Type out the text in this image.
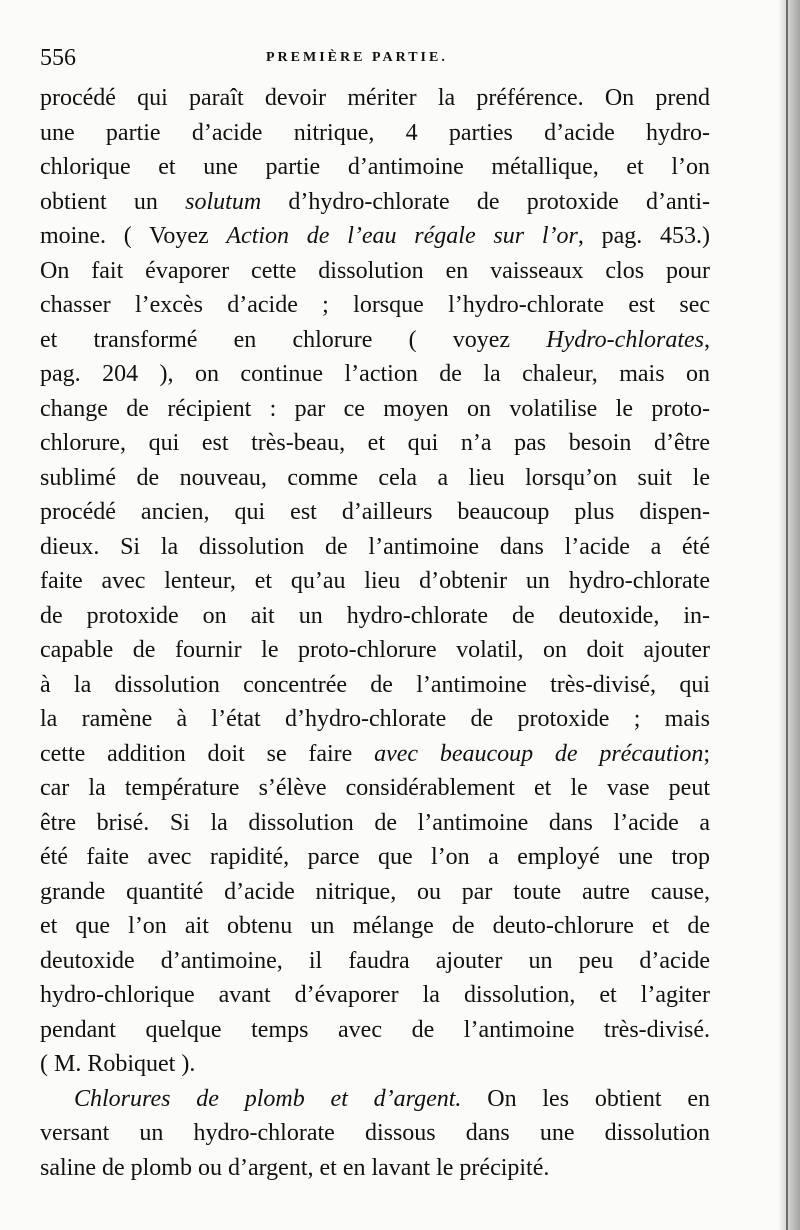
556	PREMIÈRE PARTIE.
procédé qui paraît devoir mériter la préférence. On prend
une partie d’acide nitrique, 4 parties d’acide hydro-
chlorique et une partie d’antimoine métallique, et l’on
obtient un solutum d’hydro-chlorate de protoxide d’anti-
moine. ( Voyez Action de l’eau régale sur l’or, pag. 453.)
On fait évaporer cette dissolution en vaisseaux clos pour
chasser l’excès d’acide ; lorsque l’hydro-chlorate est sec
et transformé en chlorure ( voyez Hydro-chlorates,
pag. 204 ), on continue l’action de la chaleur, mais on
change de récipient : par ce moyen on volatilise le proto-
chlorure, qui est très-beau, et qui n’a pas besoin d’être
sublimé de nouveau, comme cela a lieu lorsqu’on suit le
procédé ancien, qui est d’ailleurs beaucoup plus dispen-
dieux. Si la dissolution de l’antimoine dans l’acide a été
faite avec lenteur, et qu’au lieu d’obtenir un hydro-chlorate
de protoxide on ait un hydro-chlorate de deutoxide, in-
capable de fournir le proto-chlorure volatil, on doit ajouter
à la dissolution concentrée de l’antimoine très-divisé, qui
la ramène à l’état d’hydro-chlorate de protoxide ; mais
cette addition doit se faire avec beaucoup de précaution;
car la température s’élève considérablement et le vase peut
être brisé. Si la dissolution de l’antimoine dans l’acide a
été faite avec rapidité, parce que l’on a employé une trop
grande quantité d’acide nitrique, ou par toute autre cause,
et que l’on ait obtenu un mélange de deuto-chlorure et de
deutoxide d’antimoine, il faudra ajouter un peu d’acide
hydro-chlorique avant d’évaporer la dissolution, et l’agiter
pendant quelque temps avec de l’antimoine très-divisé.
( M. Robiquet ).
Chlorures de plomb et d’argent. On les obtient en
versant un hydro-chlorate dissous dans une dissolution
saline de plomb ou d’argent, et en lavant le précipité.
